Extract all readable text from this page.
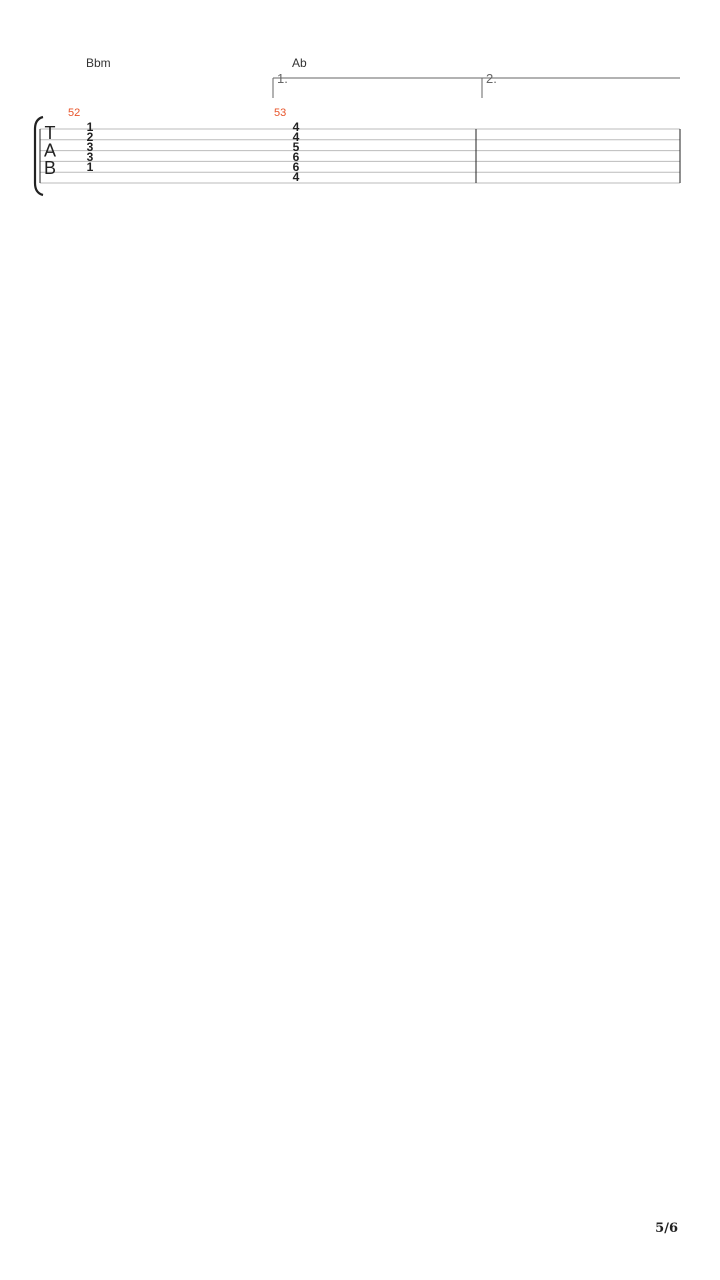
T
A
B
1.	2.
52
Bbm
1
2
3
3
1
53
Ab
4
4
5
6
6
4
5/6
